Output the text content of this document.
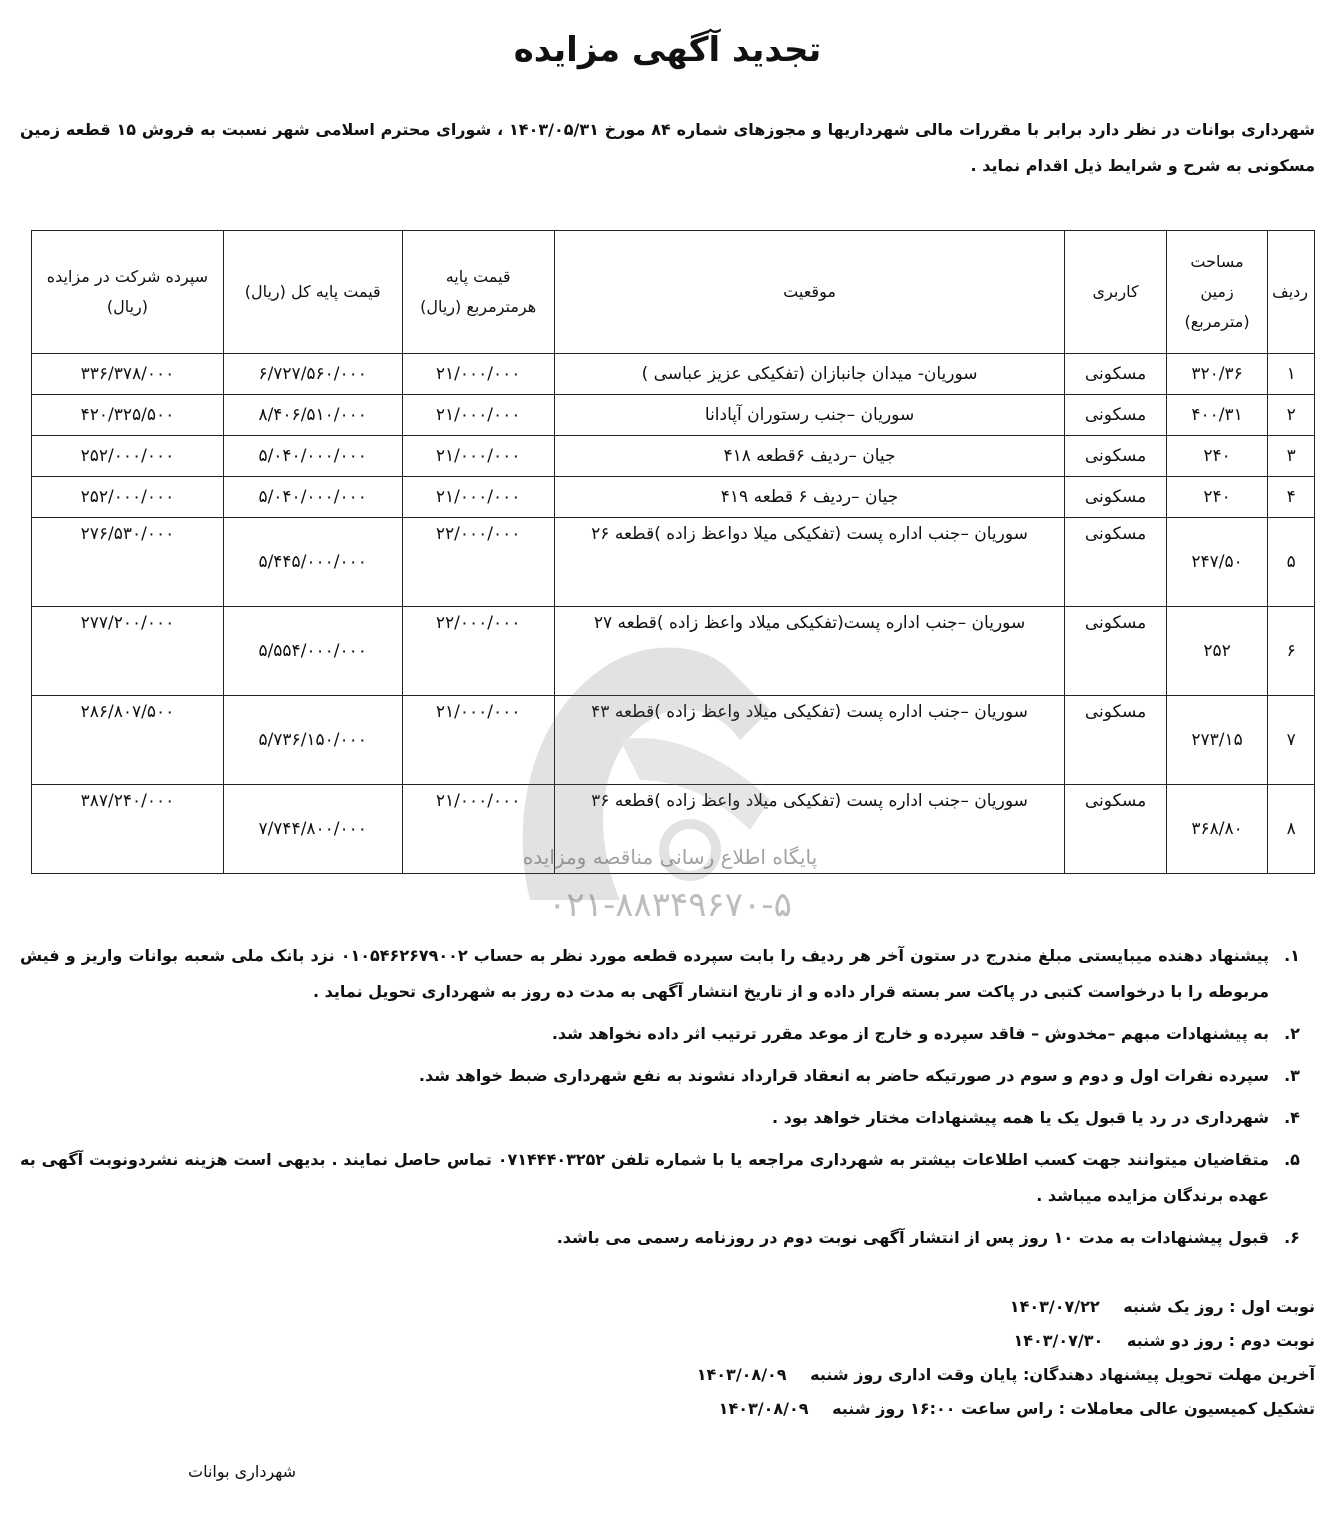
تجدید آگهی مزایده
شهرداری بوانات در نظر دارد برابر با مقررات مالی شهرداریها و مجوزهای شماره ۸۴ مورخ ۱۴۰۳/۰۵/۳۱ ، شورای محترم اسلامی شهر نسبت به فروش ۱۵ قطعه زمین مسکونی به شرح و شرایط ذیل اقدام نماید .
ردیف	مساحت زمین (مترمربع)	کاربری	موقعیت	قیمت پایه هرمترمربع (ریال)	قیمت پایه کل (ریال)	سپرده شرکت در مزایده (ریال)
۱	۳۲۰/۳۶	مسکونی	سوریان- میدان جانبازان (تفکیکی عزیز عباسی )	۲۱/۰۰۰/۰۰۰	۶/۷۲۷/۵۶۰/۰۰۰	۳۳۶/۳۷۸/۰۰۰
۲	۴۰۰/۳۱	مسکونی	سوریان –جنب رستوران آپادانا	۲۱/۰۰۰/۰۰۰	۸/۴۰۶/۵۱۰/۰۰۰	۴۲۰/۳۲۵/۵۰۰
۳	۲۴۰	مسکونی	جیان –ردیف ۶قطعه ۴۱۸	۲۱/۰۰۰/۰۰۰	۵/۰۴۰/۰۰۰/۰۰۰	۲۵۲/۰۰۰/۰۰۰
۴	۲۴۰	مسکونی	جیان –ردیف ۶ قطعه ۴۱۹	۲۱/۰۰۰/۰۰۰	۵/۰۴۰/۰۰۰/۰۰۰	۲۵۲/۰۰۰/۰۰۰
۵	۲۴۷/۵۰	مسکونی	سوریان –جنب اداره پست (تفکیکی میلا دواعظ زاده )قطعه ۲۶	۲۲/۰۰۰/۰۰۰	۵/۴۴۵/۰۰۰/۰۰۰	۲۷۶/۵۳۰/۰۰۰
۶	۲۵۲	مسکونی	سوریان –جنب اداره پست(تفکیکی میلاد واعظ زاده )قطعه ۲۷	۲۲/۰۰۰/۰۰۰	۵/۵۵۴/۰۰۰/۰۰۰	۲۷۷/۲۰۰/۰۰۰
۷	۲۷۳/۱۵	مسکونی	سوریان –جنب اداره پست (تفکیکی میلاد واعظ زاده )قطعه ۴۳	۲۱/۰۰۰/۰۰۰	۵/۷۳۶/۱۵۰/۰۰۰	۲۸۶/۸۰۷/۵۰۰
۸	۳۶۸/۸۰	مسکونی	سوریان –جنب اداره پست (تفکیکی میلاد واعظ زاده )قطعه ۳۶	۲۱/۰۰۰/۰۰۰	۷/۷۴۴/۸۰۰/۰۰۰	۳۸۷/۲۴۰/۰۰۰
پایگاه اطلاع رسانی مناقصه ومزایده
۰۲۱-۸۸۳۴۹۶۷۰-۵
۱.
پیشنهاد دهنده میبایستی مبلغ مندرج در ستون آخر هر ردیف را بابت سپرده قطعه مورد نظر به حساب ۰۱۰۵۴۶۲۶۷۹۰۰۲ نزد بانک ملی شعبه بوانات واریز و فیش مربوطه را با درخواست کتبی در پاکت سر بسته قرار داده و از تاریخ انتشار آگهی به مدت ده روز به شهرداری تحویل نماید .
۲.
به پیشنهادات مبهم –مخدوش – فاقد سپرده و خارج از موعد مقرر ترتیب اثر داده نخواهد شد.
۳.
سپرده نفرات اول و دوم و سوم در صورتیکه حاضر به انعقاد قرارداد نشوند به نفع شهرداری ضبط خواهد شد.
۴.
شهرداری در رد یا قبول یک یا همه پیشنهادات مختار خواهد بود .
۵.
متقاضیان میتوانند جهت کسب اطلاعات بیشتر به شهرداری مراجعه یا با شماره تلفن ۰۷۱۴۴۴۰۳۲۵۲ تماس حاصل نمایند . بدیهی است هزینه نشردونوبت آگهی به عهده برندگان مزایده میباشد .
۶.
قبول پیشنهادات به مدت ۱۰ روز پس از انتشار آگهی نوبت دوم در روزنامه رسمی می باشد.
نوبت اول : روز یک شنبه ۱۴۰۳/۰۷/۲۲
نوبت دوم : روز دو شنبه ۱۴۰۳/۰۷/۳۰
آخرین مهلت تحویل پیشنهاد دهندگان: پایان وقت اداری روز شنبه ۱۴۰۳/۰۸/۰۹
تشکیل کمیسیون عالی معاملات : راس ساعت ۱۶:۰۰ روز شنبه ۱۴۰۳/۰۸/۰۹
شهرداری بوانات
